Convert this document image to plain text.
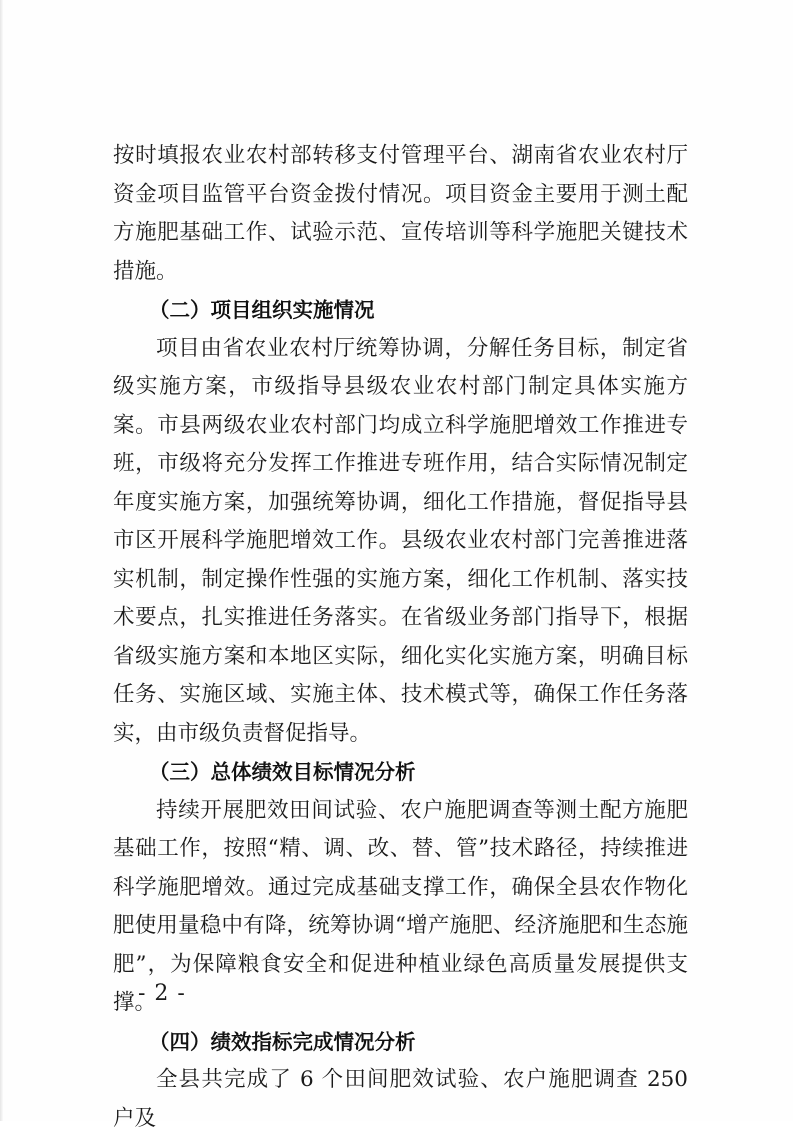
按时填报农业农村部转移支付管理平台、湖南省农业农村厅资金项目监管平台资金拨付情况。项目资金主要用于测土配方施肥基础工作、试验示范、宣传培训等科学施肥关键技术措施。

（二）项目组织实施情况

项目由省农业农村厅统筹协调，分解任务目标，制定省级实施方案，市级指导县级农业农村部门制定具体实施方案。市县两级农业农村部门均成立科学施肥增效工作推进专班，市级将充分发挥工作推进专班作用，结合实际情况制定年度实施方案，加强统筹协调，细化工作措施，督促指导县市区开展科学施肥增效工作。县级农业农村部门完善推进落实机制，制定操作性强的实施方案，细化工作机制、落实技术要点，扎实推进任务落实。在省级业务部门指导下，根据省级实施方案和本地区实际，细化实化实施方案，明确目标任务、实施区域、实施主体、技术模式等，确保工作任务落实，由市级负责督促指导。

（三）总体绩效目标情况分析

持续开展肥效田间试验、农户施肥调查等测土配方施肥基础工作，按照“精、调、改、替、管”技术路径，持续推进科学施肥增效。通过完成基础支撑工作，确保全县农作物化肥使用量稳中有降，统筹协调“增产施肥、经济施肥和生态施肥”，为保障粮食安全和促进种植业绿色高质量发展提供支撑。

（四）绩效指标完成情况分析

全县共完成了 6 个田间肥效试验、农户施肥调查 250 户及

- 2 -
